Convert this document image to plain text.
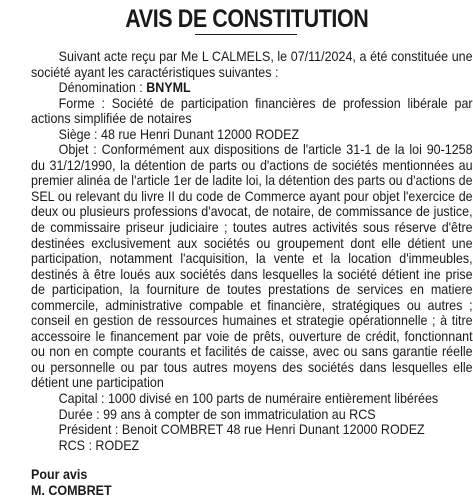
AVIS DE CONSTITUTION

Suivant acte reçu par Me L CALMELS, le 07/11/2024, a été constituée une société ayant les caractéristiques suivantes :

Dénomination : BNYML

Forme : Société de participation financières de profession libérale par actions simplifiée de notaires

Siège : 48 rue Henri Dunant 12000 RODEZ

Objet : Conformément aux dispositions de l'article 31-1 de la loi 90-1258 du 31/12/1990, la détention de parts ou d'actions de sociétés mentionnées au premier alinéa de l'article 1er de ladite loi, la détention des parts ou d'actions de SEL ou relevant du livre II du code de Commerce ayant pour objet l'exercice de deux ou plusieurs professions d'avocat, de notaire, de commissance de justice, de commissaire priseur judiciaire ; toutes autres activités sous réserve d'être destinées exclusivement aux sociétés ou groupement dont elle détient une participation, notamment l'acquisition, la vente et la location d'immeubles, destinés à être loués aux sociétés dans lesquelles la société détient ine prise de participation, la fourniture de toutes prestations de services en matiere commercile, administrative compable et financière, stratégiques ou autres ; conseil en gestion de ressources humaines et strategie opérationnelle ; à titre accessoire le financement par voie de prêts, ouverture de crédit, fonctionnant ou non en compte courants et facilités de caisse, avec ou sans garantie réelle ou personnelle ou par tous autres moyens des sociétés dans lesquelles elle détient une participation

Capital : 1000 divisé en 100 parts de numéraire entièrement libérées

Durée : 99 ans à compter de son immatriculation au RCS

Président : Benoit COMBRET 48 rue Henri Dunant 12000 RODEZ

RCS : RODEZ

Pour avis
M. COMBRET
